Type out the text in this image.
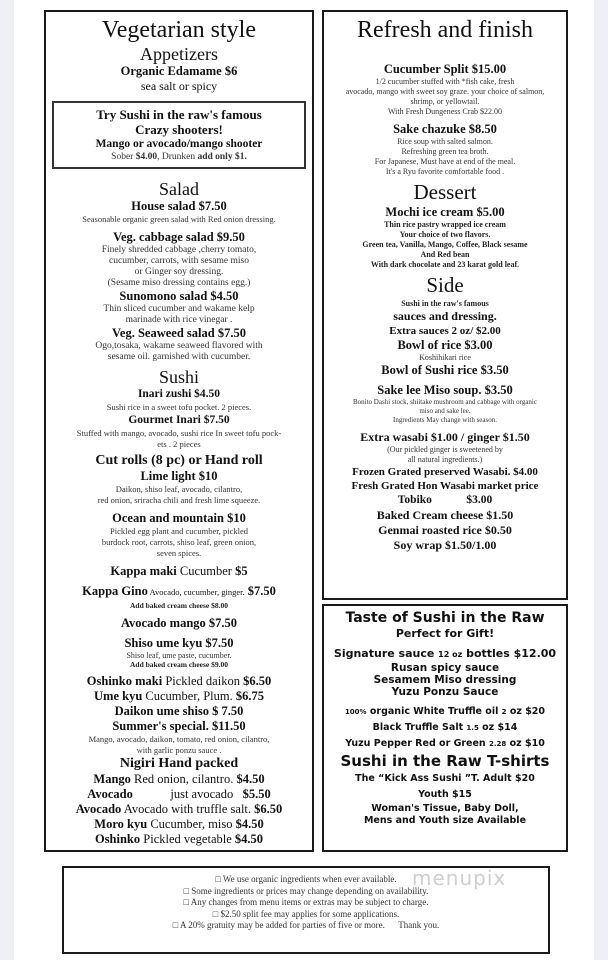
Vegetarian style
Appetizers
Organic Edamame $6
sea salt or spicy
Try Sushi in the raw's famous
Crazy shooters!
Mango or avocado/mango shooter
Sober $4.00, Drunken add only $1.
Salad
House salad $7.50
Seasonable organic green salad with Red onion dressing.
Veg. cabbage salad $9.50
Finely shredded cabbage ,cherry tomato,
cucumber, carrots, with sesame miso
or Ginger soy dressing.
(Sesame miso dressing contains egg.)
Sunomono salad $4.50
Thin sliced cucumber and wakame kelp
marinade with rice vinegar .
Veg. Seaweed salad $7.50
Ogo,tosaka, wakame seaweed flavored with
sesame oil. garnished with cucumber.
Sushi
Inari zushi $4.50
Sushi rice in a sweet tofu pocket. 2 pieces.
Gourmet Inari $7.50
Stuffed with mango, avocado, sushi rice In sweet tofu pock-
ets . 2 pieces
Cut rolls (8 pc) or Hand roll
Lime light $10
Daikon, shiso leaf, avocado, cilantro,
red onion, sriracha chili and fresh lime squeeze.
Ocean and mountain $10
Pickled egg plant and cucumber, pickled
burdock root, carrots, shiso leaf, green onion,
seven spices.
Kappa maki Cucumber $5
Kappa Gino Avocado, cucumber, ginger. $7.50
Add baked cream cheese $8.00
Avocado mango $7.50
Shiso ume kyu $7.50
Shiso leaf, ume paste, cucumber.
Add baked cream cheese $9.00
Oshinko maki Pickled daikon $6.50
Ume kyu Cucumber, Plum. $6.75
Daikon ume shiso $ 7.50
Summer's special. $11.50
Mango, avocado, daikon, tomato, red onion, cilantro,
with garlic ponzu sauce .
Nigiri Hand packed
Mango Red onion, cilantro. $4.50
Avocado            just avocado   $5.50
Avocado Avocado with truffle salt. $6.50
Moro kyu Cucumber, miso $4.50
Oshinko Pickled vegetable $4.50
Refresh and finish
Cucumber Split $15.00
1/2 cucumber stuffed with *fish cake, fresh
avocado, mango with sweet soy graze. your choice of salmon,
shrimp, or yellowtail.
With Fresh Dungeness Crab $22.00
Sake chazuke $8.50
Rice soup with salted salmon.
Refreshing green tea broth.
For Japanese, Must have at end of the meal.
It's a Ryu favorite comfortable food .
Dessert
Mochi ice cream $5.00
Thin rice pastry wrapped ice cream
Your choice of two flavors.
Green tea, Vanilla, Mango, Coffee, Black sesame
And Red bean
With dark chocolate and 23 karat gold leaf.
Side
Sushi in the raw's famous
sauces and dressing.
Extra sauces 2 oz/ $2.00
Bowl of rice $3.00
Koshihikari rice
Bowl of Sushi rice $3.50
Sake lee Miso soup. $3.50
Bonito Dashi stock, shiitake mushroom and cabbage with organic
miso and sake lee.
Ingredients May change with season.
Extra wasabi $1.00 / ginger $1.50
(Our pickled ginger is sweetened by
all natural ingredients.)
Frozen Grated preserved Wasabi. $4.00
Fresh Grated Hon Wasabi market price
Tobiko            $3.00
Baked Cream cheese $1.50
Genmai roasted rice $0.50
Soy wrap $1.50/1.00
Taste of Sushi in the Raw
Perfect for Gift!
Signature sauce 12 oz bottles $12.00
Rusan spicy sauce
Sesamem Miso dressing
Yuzu Ponzu Sauce
100% organic White Truffle oil 2 oz $20
Black Truffle Salt 1.5 oz $14
Yuzu Pepper Red or Green 2.28 oz $10
Sushi in the Raw T-shirts
The “Kick Ass Sushi ”T. Adult $20
Youth $15
Woman's Tissue, Baby Doll,
Mens and Youth size Available
□ We use organic ingredients when ever available.
□ Some ingredients or prices may change depending on availability.
□ Any changes from menu items or extras may be subject to charge.
□ $2.50 split fee may applies for some applications.
□ A 20% gratuity may be added for parties of five or more.      Thank you.
menupix
